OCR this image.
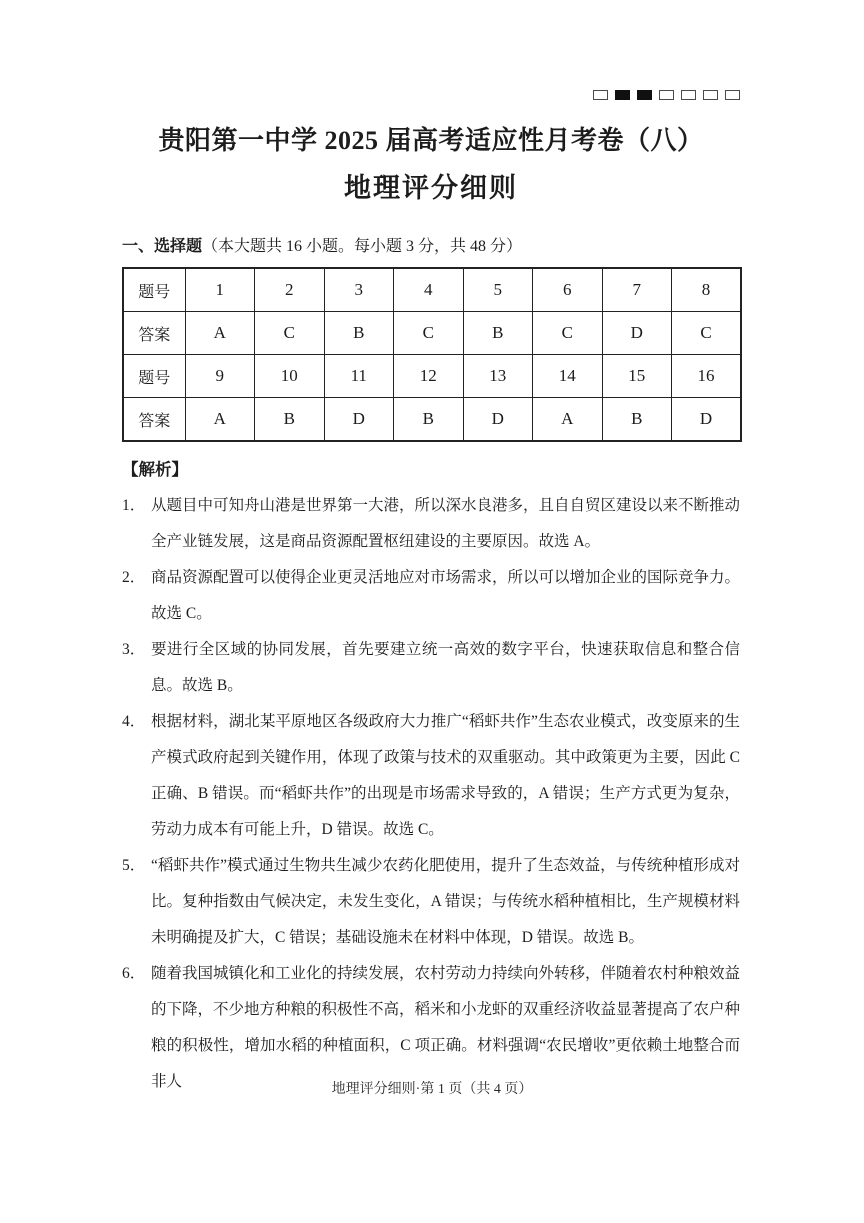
贵阳第一中学 2025 届高考适应性月考卷（八）
地理评分细则
一、选择题（本大题共 16 小题。每小题 3 分，共 48 分）
题号	1	2	3	4	5	6	7	8
答案	A	C	B	C	B	C	D	C
题号	9	10	11	12	13	14	15	16
答案	A	B	D	B	D	A	B	D
【解析】
1． 从题目中可知舟山港是世界第一大港，所以深水良港多，且自自贸区建设以来不断推动全产业链发展，这是商品资源配置枢纽建设的主要原因。故选 A。
2． 商品资源配置可以使得企业更灵活地应对市场需求，所以可以增加企业的国际竞争力。故选 C。
3． 要进行全区域的协同发展，首先要建立统一高效的数字平台，快速获取信息和整合信息。故选 B。
4． 根据材料，湖北某平原地区各级政府大力推广“稻虾共作”生态农业模式，改变原来的生产模式政府起到关键作用，体现了政策与技术的双重驱动。其中政策更为主要，因此 C 正确、B 错误。而“稻虾共作”的出现是市场需求导致的，A 错误；生产方式更为复杂，劳动力成本有可能上升，D 错误。故选 C。
5． “稻虾共作”模式通过生物共生减少农药化肥使用，提升了生态效益，与传统种植形成对比。复种指数由气候决定，未发生变化，A 错误；与传统水稻种植相比，生产规模材料未明确提及扩大，C 错误；基础设施未在材料中体现，D 错误。故选 B。
6． 随着我国城镇化和工业化的持续发展，农村劳动力持续向外转移，伴随着农村种粮效益的下降，不少地方种粮的积极性不高，稻米和小龙虾的双重经济收益显著提高了农户种粮的积极性，增加水稻的种植面积，C 项正确。材料强调“农民增收”更依赖土地整合而非人	地理评分细则·第 1 页（共 4 页）
